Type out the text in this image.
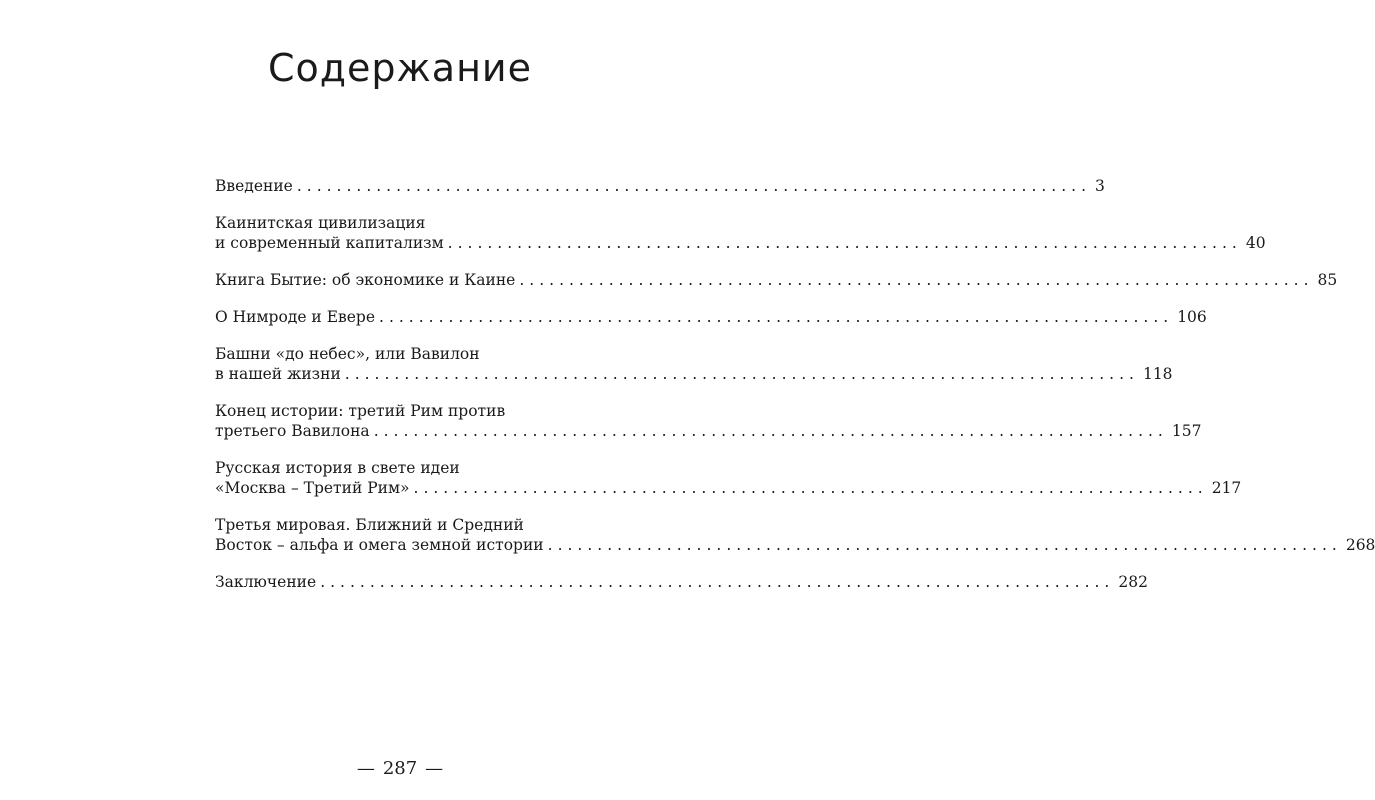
Содержание
Введение ................................................................................ 3
Каинитская цивилизация
и современный капитализм ................................................................................ 40
Книга Бытие: об экономике и Каине ................................................................................ 85
О Нимроде и Евере ................................................................................ 106
Башни «до небес», или Вавилон
в нашей жизни ................................................................................ 118
Конец истории: третий Рим против
третьего Вавилона ................................................................................ 157
Русская история в свете идеи
«Москва – Третий Рим» ................................................................................ 217
Третья мировая. Ближний и Средний
Восток – альфа и омега земной истории ................................................................................ 268
Заключение ................................................................................ 282
— 287 —
